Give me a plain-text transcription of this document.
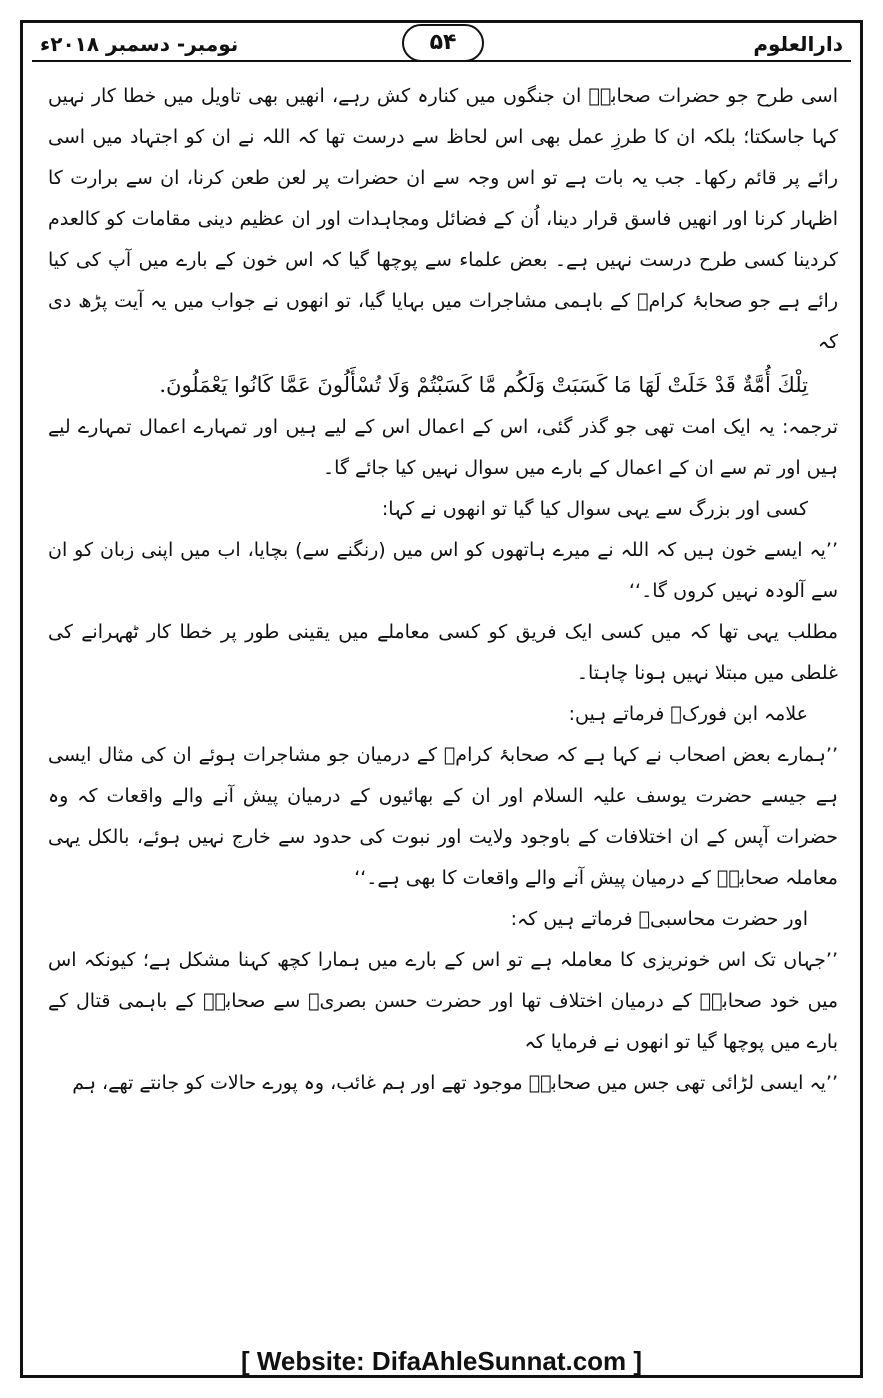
نومبر- دسمبر ۲۰۱۸ء	دارالعلوم
۵۴

اسی طرح جو حضرات صحابہؓ ان جنگوں میں کنارہ کش رہے، انھیں بھی تاویل میں خطا کار نہیں کہا جاسکتا؛ بلکہ ان کا طرزِ عمل بھی اس لحاظ سے درست تھا کہ اللہ نے ان کو اجتہاد میں اسی رائے پر قائم رکھا۔ جب یہ بات ہے تو اس وجہ سے ان حضرات پر لعن طعن کرنا، ان سے برارت کا اظہار کرنا اور انھیں فاسق قرار دینا، اُن کے فضائل ومجاہدات اور ان عظیم دینی مقامات کو کالعدم کردینا کسی طرح درست نہیں ہے۔ بعض علماء سے پوچھا گیا کہ اس خون کے بارے میں آپ کی کیا رائے ہے جو صحابۂ کرامؓ کے باہمی مشاجرات میں بہایا گیا، تو انھوں نے جواب میں یہ آیت پڑھ دی کہ

تِلْكَ أُمَّةٌ قَدْ خَلَتْ لَهَا مَا كَسَبَتْ وَلَكُم مَّا كَسَبْتُمْ وَلَا تُسْأَلُونَ عَمَّا كَانُوا يَعْمَلُونَ.

ترجمہ: یہ ایک امت تھی جو گذر گئی، اس کے اعمال اس کے لیے ہیں اور تمہارے اعمال تمہارے لیے ہیں اور تم سے ان کے اعمال کے بارے میں سوال نہیں کیا جائے گا۔

کسی اور بزرگ سے یہی سوال کیا گیا تو انھوں نے کہا:

’’یہ ایسے خون ہیں کہ اللہ نے میرے ہاتھوں کو اس میں (رنگنے سے) بچایا، اب میں اپنی زبان کو ان سے آلودہ نہیں کروں گا۔‘‘

مطلب یہی تھا کہ میں کسی ایک فریق کو کسی معاملے میں یقینی طور پر خطا کار ٹھہرانے کی غلطی میں مبتلا نہیں ہونا چاہتا۔

علامہ ابن فورکؒ فرماتے ہیں:

’’ہمارے بعض اصحاب نے کہا ہے کہ صحابۂ کرامؓ کے درمیان جو مشاجرات ہوئے ان کی مثال ایسی ہے جیسے حضرت یوسف علیہ السلام اور ان کے بھائیوں کے درمیان پیش آنے والے واقعات کہ وہ حضرات آپس کے ان اختلافات کے باوجود ولایت اور نبوت کی حدود سے خارج نہیں ہوئے، بالکل یہی معاملہ صحابہؓ کے درمیان پیش آنے والے واقعات کا بھی ہے۔‘‘

اور حضرت محاسبیؒ فرماتے ہیں کہ:

’’جہاں تک اس خونریزی کا معاملہ ہے تو اس کے بارے میں ہمارا کچھ کہنا مشکل ہے؛ کیونکہ اس میں خود صحابہؓ کے درمیان اختلاف تھا اور حضرت حسن بصریؒ سے صحابہؓ کے باہمی قتال کے بارے میں پوچھا گیا تو انھوں نے فرمایا کہ

’’یہ ایسی لڑائی تھی جس میں صحابہؓ موجود تھے اور ہم غائب، وہ پورے حالات کو جانتے تھے، ہم

[ Website: DifaAhleSunnat.com ]
